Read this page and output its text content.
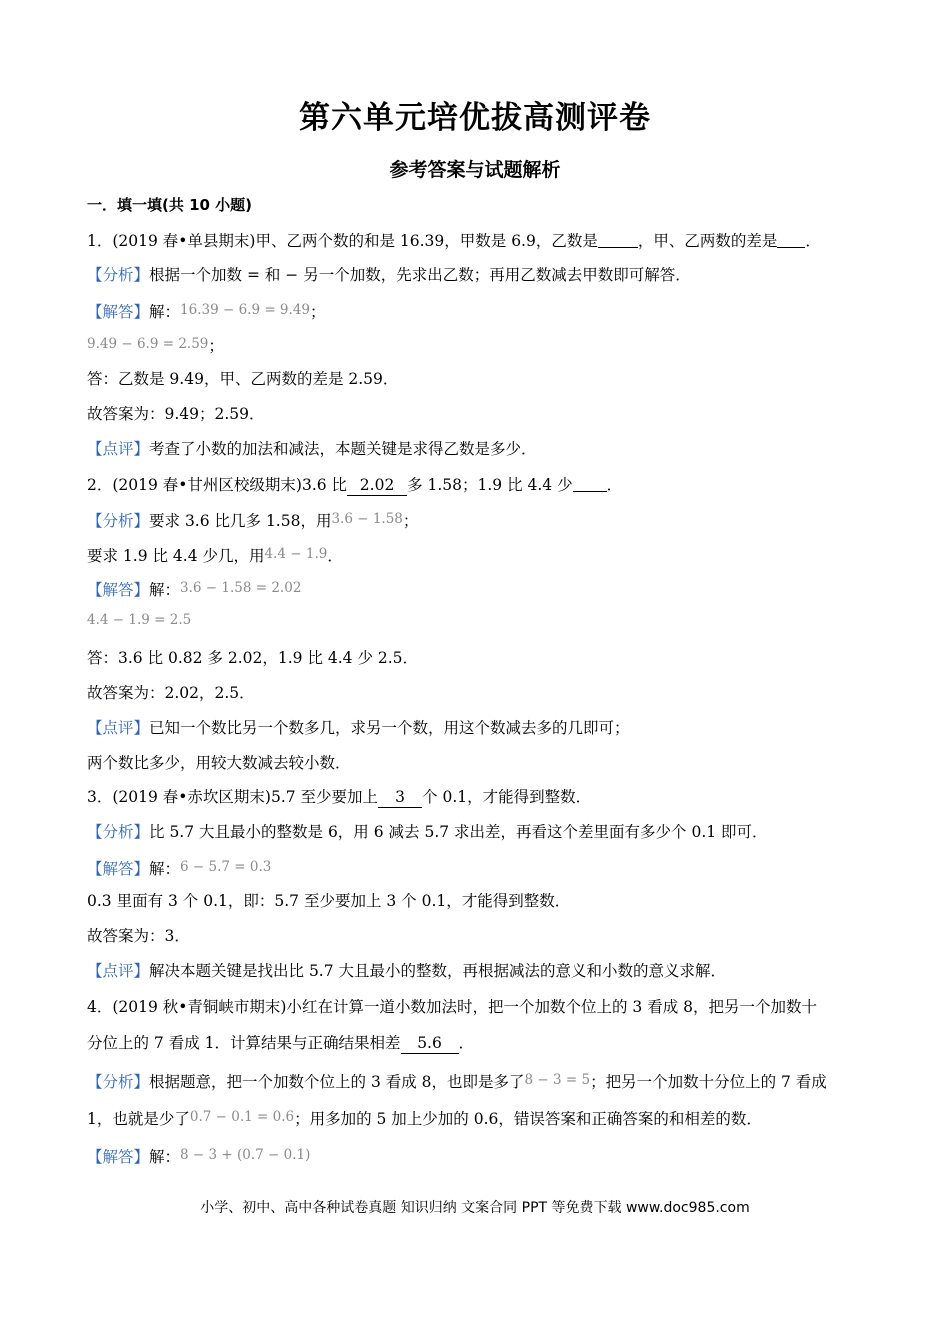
第六单元培优拔高测评卷
参考答案与试题解析
一．填一填(共 10 小题)
1．(2019 春•单县期末)甲、乙两个数的和是 16.39，甲数是 6.9，乙数是	，甲、乙两数的差是 ．
【分析】根据一个加数 = 和 − 另一个加数，先求出乙数；再用乙数减去甲数即可解答．
【解答】解：16.39 − 6.9 = 9.49；
9.49 − 6.9 = 2.59；
答：乙数是 9.49，甲、乙两数的差是 2.59．
故答案为：9.49；2.59．
【点评】考查了小数的加法和减法，本题关键是求得乙数是多少．
2．(2019 春•甘州区校级期末)3.6 比 2.02 多 1.58；1.9 比 4.4 少 ．
【分析】要求 3.6 比几多 1.58，用3.6 − 1.58；
要求 1.9 比 4.4 少几，用4.4 − 1.9．
【解答】解：3.6 − 1.58 = 2.02
4.4 − 1.9 = 2.5
答：3.6 比 0.82 多 2.02，1.9 比 4.4 少 2.5．
故答案为：2.02，2.5．
【点评】已知一个数比另一个数多几，求另一个数，用这个数减去多的几即可；
两个数比多少，用较大数减去较小数．
3．(2019 春•赤坎区期末)5.7 至少要加上 3 个 0.1，才能得到整数．
【分析】比 5.7 大且最小的整数是 6，用 6 减去 5.7 求出差，再看这个差里面有多少个 0.1 即可．
【解答】解：6 − 5.7 = 0.3
0.3 里面有 3 个 0.1，即：5.7 至少要加上 3 个 0.1，才能得到整数．
故答案为：3．
【点评】解决本题关键是找出比 5.7 大且最小的整数，再根据减法的意义和小数的意义求解．
4．(2019 秋•青铜峡市期末)小红在计算一道小数加法时，把一个加数个位上的 3 看成 8，把另一个加数十
分位上的 7 看成 1．计算结果与正确结果相差 5.6 ．
【分析】根据题意，把一个加数个位上的 3 看成 8，也即是多了8 − 3 = 5；把另一个加数十分位上的 7 看成
1，也就是少了0.7 − 0.1 = 0.6；用多加的 5 加上少加的 0.6，错误答案和正确答案的和相差的数．
【解答】解：8 − 3 + (0.7 − 0.1)
小学、初中、高中各种试卷真题 知识归纳 文案合同 PPT 等免费下载 www.doc985.com
